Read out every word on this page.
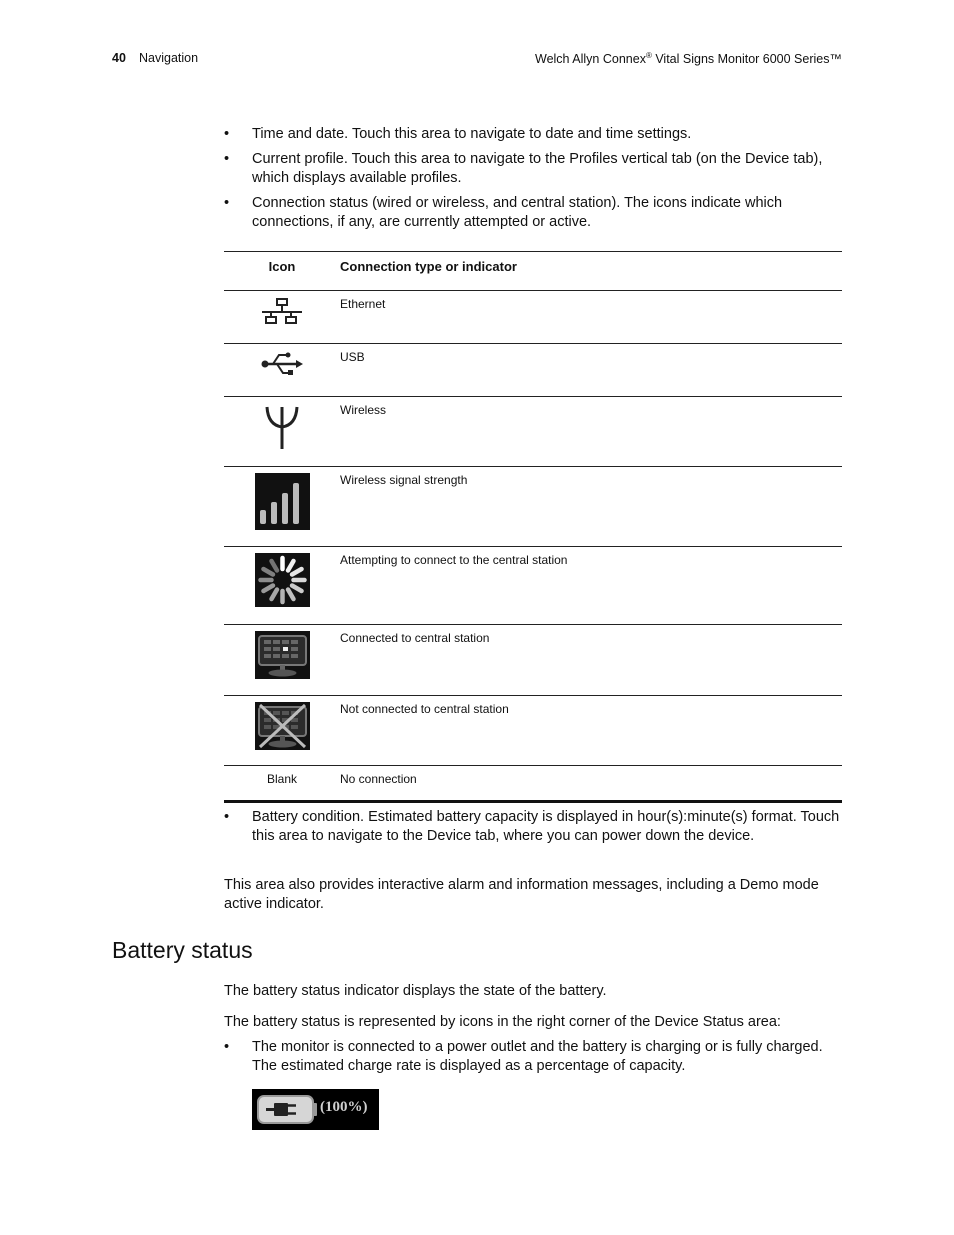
40 Navigation	Welch Allyn Connex® Vital Signs Monitor 6000 Series™
• Time and date. Touch this area to navigate to date and time settings.
• Current profile. Touch this area to navigate to the Profiles vertical tab (on the Device tab), which displays available profiles.
• Connection status (wired or wireless, and central station). The icons indicate which connections, if any, are currently attempted or active.
Icon	Connection type or indicator
	Ethernet
	USB
	Wireless
	Wireless signal strength
	Attempting to connect to the central station
	Connected to central station
	Not connected to central station
Blank	No connection
• Battery condition. Estimated battery capacity is displayed in hour(s):minute(s) format. Touch this area to navigate to the Device tab, where you can power down the device.
This area also provides interactive alarm and information messages, including a Demo mode active indicator.
Battery status
The battery status indicator displays the state of the battery.
The battery status is represented by icons in the right corner of the Device Status area:
• The monitor is connected to a power outlet and the battery is charging or is fully charged. The estimated charge rate is displayed as a percentage of capacity.
(100%)
